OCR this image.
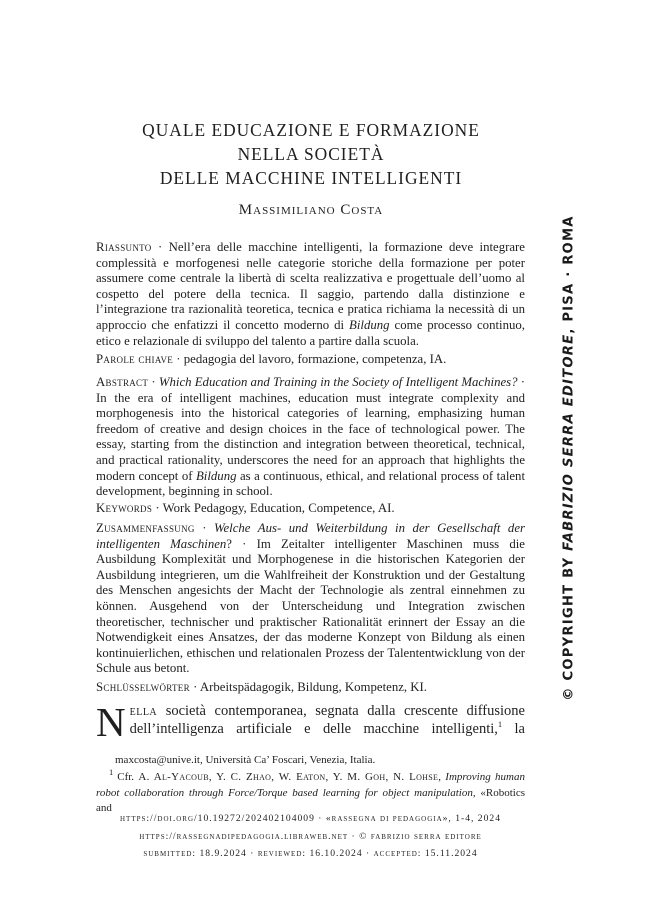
QUALE EDUCAZIONE E FORMAZIONE
NELLA SOCIETÀ
DELLE MACCHINE INTELLIGENTI
Massimiliano Costa

Riassunto · Nell’era delle macchine intelligenti, la formazione deve integrare complessità e morfogenesi nelle categorie storiche della formazione per poter assumere come centrale la libertà di scelta realizzativa e progettuale dell’uomo al cospetto del potere della tecnica. Il saggio, partendo dalla distinzione e l’integrazione tra razionalità teoretica, tecnica e pratica richiama la necessità di un approccio che enfatizzi il concetto moderno di Bildung come processo continuo, etico e relazionale di sviluppo del talento a partire dalla scuola.

Parole chiave · pedagogia del lavoro, formazione, competenza, IA.

Abstract · Which Education and Training in the Society of Intelligent Machines? · In the era of intelligent machines, education must integrate complexity and morphogenesis into the historical categories of learning, emphasizing human freedom of creative and design choices in the face of technological power. The essay, starting from the distinction and integration between theoretical, technical, and practical rationality, underscores the need for an approach that highlights the modern concept of Bildung as a continuous, ethical, and relational process of talent development, beginning in school.

Keywords · Work Pedagogy, Education, Competence, AI.

Zusammenfassung · Welche Aus- und Weiterbildung in der Gesellschaft der intelligenten Maschinen? · Im Zeitalter intelligenter Maschinen muss die Ausbildung Komplexität und Morphogenese in die historischen Kategorien der Ausbildung integrieren, um die Wahlfreiheit der Konstruktion und der Gestaltung des Menschen angesichts der Macht der Technologie als zentral einnehmen zu können. Ausgehend von der Unterscheidung und Integration zwischen theoretischer, technischer und praktischer Rationalität erinnert der Essay an die Notwendigkeit eines Ansatzes, der das moderne Konzept von Bildung als einen kontinuierlichen, ethischen und relationalen Prozess der Talententwicklung von der Schule aus betont.

Schlüsselwörter · Arbeitspädagogik, Bildung, Kompetenz, KI.

Nella società contemporanea, segnata dalla crescente diffusione dell’intelligenza artificiale e delle macchine intelligenti,$^1$ la

maxcosta@unive.it, Università Ca’ Foscari, Venezia, Italia.
$^1$ Cfr. A. Al-Yacoub, Y. C. Zhao, W. Eaton, Y. M. Goh, N. Lohse, Improving human robot collaboration through Force/Torque based learning for object manipulation, «Robotics and
https://doi.org/10.19272/202402104009 · «rassegna di pedagogia», 1-4, 2024
https://rassegnadipedagogia.libraweb.net · © fabrizio serra editore
submitted: 18.9.2024 · reviewed: 16.10.2024 · accepted: 15.11.2024
© COPYRIGHT BY FABRIZIO SERRA EDITORE, PISA · ROMA
